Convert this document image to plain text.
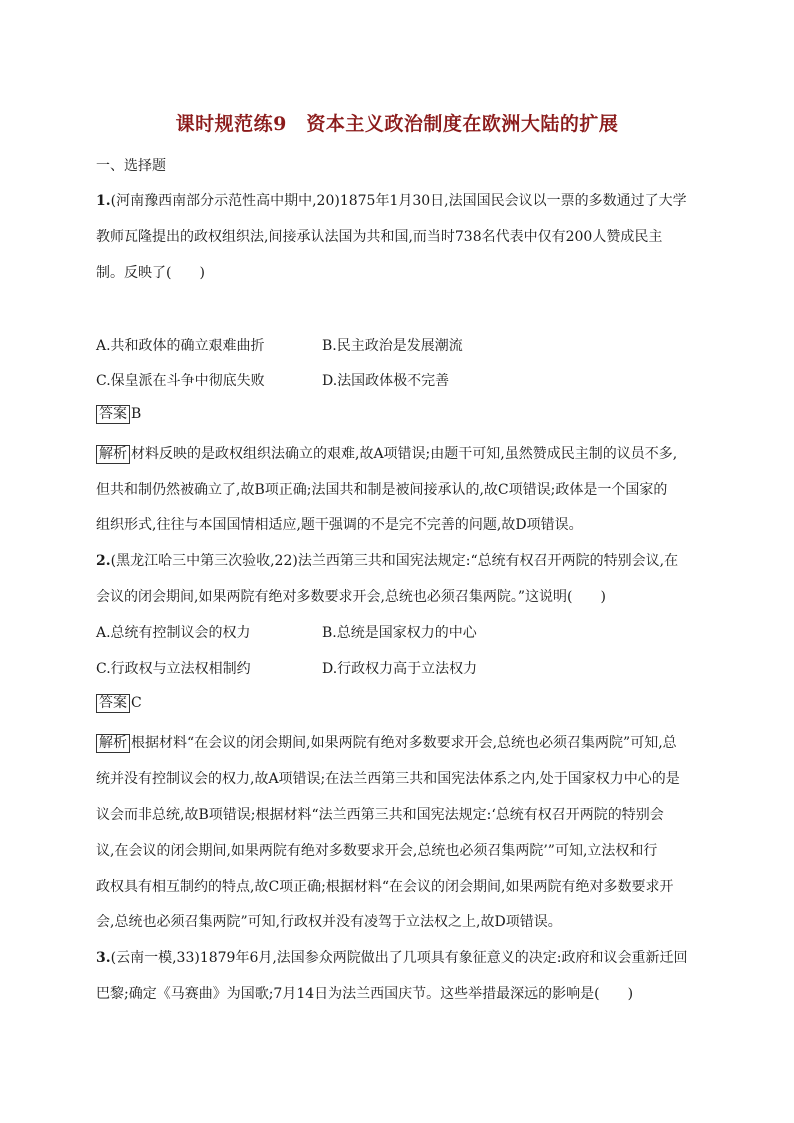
课时规范练9　资本主义政治制度在欧洲大陆的扩展
一、选择题
1.(河南豫西南部分示范性高中期中,20)1875年1月30日,法国国民会议以一票的多数通过了大学
教师瓦隆提出的政权组织法,间接承认法国为共和国,而当时738名代表中仅有200人赞成民主
制。反映了(　　)
A.共和政体的确立艰难曲折	B.民主政治是发展潮流
C.保皇派在斗争中彻底失败	D.法国政体极不完善
答案 B
解析 材料反映的是政权组织法确立的艰难,故A项错误;由题干可知,虽然赞成民主制的议员不多,
但共和制仍然被确立了,故B项正确;法国共和制是被间接承认的,故C项错误;政体是一个国家的
组织形式,往往与本国国情相适应,题干强调的不是完不完善的问题,故D项错误。
2.(黑龙江哈三中第三次验收,22)法兰西第三共和国宪法规定:“总统有权召开两院的特别会议,在
会议的闭会期间,如果两院有绝对多数要求开会,总统也必须召集两院。”这说明(　　)
A.总统有控制议会的权力	B.总统是国家权力的中心
C.行政权与立法权相制约	D.行政权力高于立法权力
答案 C
解析 根据材料“在会议的闭会期间,如果两院有绝对多数要求开会,总统也必须召集两院”可知,总
统并没有控制议会的权力,故A项错误;在法兰西第三共和国宪法体系之内,处于国家权力中心的是
议会而非总统,故B项错误;根据材料“法兰西第三共和国宪法规定:‘总统有权召开两院的特别会
议,在会议的闭会期间,如果两院有绝对多数要求开会,总统也必须召集两院’”可知,立法权和行
政权具有相互制约的特点,故C项正确;根据材料“在会议的闭会期间,如果两院有绝对多数要求开
会,总统也必须召集两院”可知,行政权并没有凌驾于立法权之上,故D项错误。
3.(云南一模,33)1879年6月,法国参众两院做出了几项具有象征意义的决定:政府和议会重新迁回
巴黎;确定《马赛曲》为国歌;7月14日为法兰西国庆节。这些举措最深远的影响是(　　)
